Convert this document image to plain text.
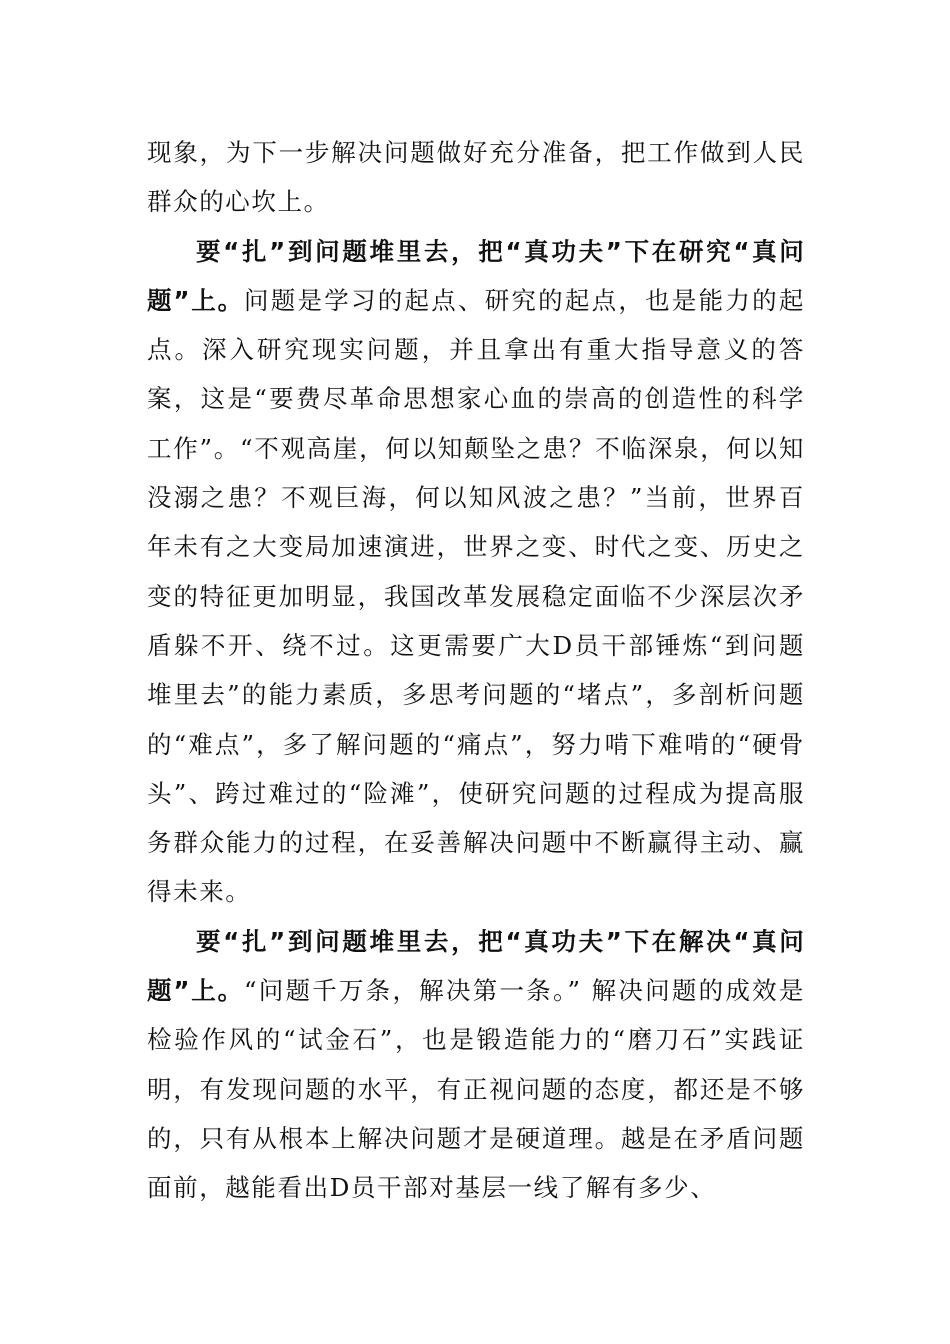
现象，为下一步解决问题做好充分准备，把工作做到人民群众的心坎上。

要“扎”到问题堆里去，把“真功夫”下在研究“真问题”上。问题是学习的起点、研究的起点，也是能力的起点。深入研究现实问题，并且拿出有重大指导意义的答案，这是“要费尽革命思想家心血的崇高的创造性的科学工作”。“不观高崖，何以知颠坠之患？不临深泉，何以知没溺之患？不观巨海，何以知风波之患？”当前，世界百年未有之大变局加速演进，世界之变、时代之变、历史之变的特征更加明显，我国改革发展稳定面临不少深层次矛盾躲不开、绕不过。这更需要广大D员干部锤炼“到问题堆里去”的能力素质，多思考问题的“堵点”，多剖析问题的“难点”，多了解问题的“痛点”，努力啃下难啃的“硬骨头”、跨过难过的“险滩”，使研究问题的过程成为提高服务群众能力的过程，在妥善解决问题中不断赢得主动、赢得未来。

要“扎”到问题堆里去，把“真功夫”下在解决“真问题”上。“问题千万条，解决第一条。” 解决问题的成效是检验作风的“试金石”，也是锻造能力的“磨刀石”实践证明，有发现问题的水平，有正视问题的态度，都还是不够的，只有从根本上解决问题才是硬道理。越是在矛盾问题面前，越能看出D员干部对基层一线了解有多少、
